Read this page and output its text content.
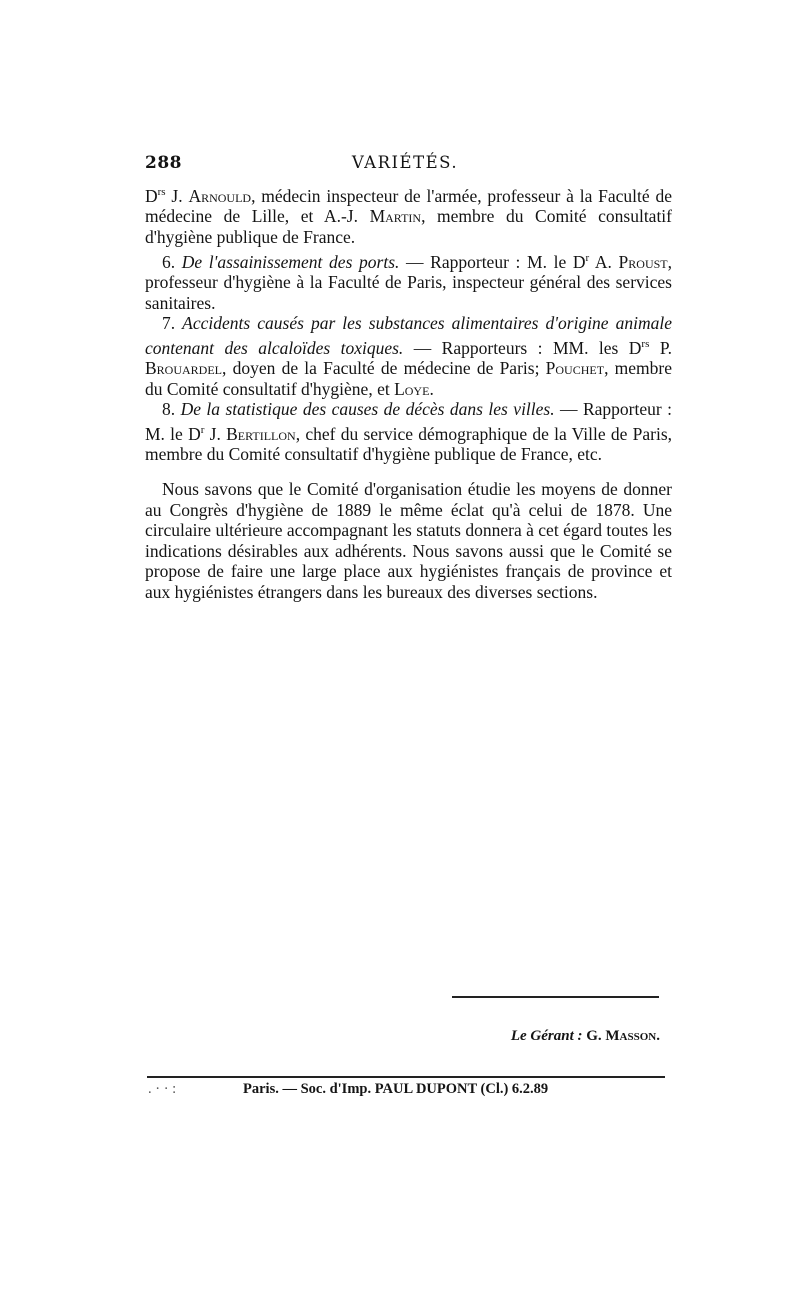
288	VARIÉTÉS.

$D^{rs}$ J. Arnould, médecin inspecteur de l'armée, professeur à la Faculté de médecine de Lille, et A.-J. Martin, membre du Comité consultatif d'hygiène publique de France.

6. De l'assainissement des ports. — Rapporteur : M. le $D^r$ A. Proust, professeur d'hygiène à la Faculté de Paris, inspecteur général des services sanitaires.

7. Accidents causés par les substances alimentaires d'origine animale contenant des alcaloïdes toxiques. — Rapporteurs : MM. les $D^{rs}$ P. Brouardel, doyen de la Faculté de médecine de Paris; Pouchet, membre du Comité consultatif d'hygiène, et Loye.

8. De la statistique des causes de décès dans les villes. — Rapporteur : M. le $D^r$ J. Bertillon, chef du service démographique de la Ville de Paris, membre du Comité consultatif d'hygiène publique de France, etc.

Nous savons que le Comité d'organisation étudie les moyens de donner au Congrès d'hygiène de 1889 le même éclat qu'à celui de 1878. Une circulaire ultérieure accompagnant les statuts donnera à cet égard toutes les indications désirables aux adhérents. Nous savons aussi que le Comité se propose de faire une large place aux hygiénistes français de province et aux hygiénistes étrangers dans les bureaux des diverses sections.

Le Gérant : G. Masson.
. · · :	Paris. — Soc. d'Imp. PAUL DUPONT (Cl.) 6.2.89
